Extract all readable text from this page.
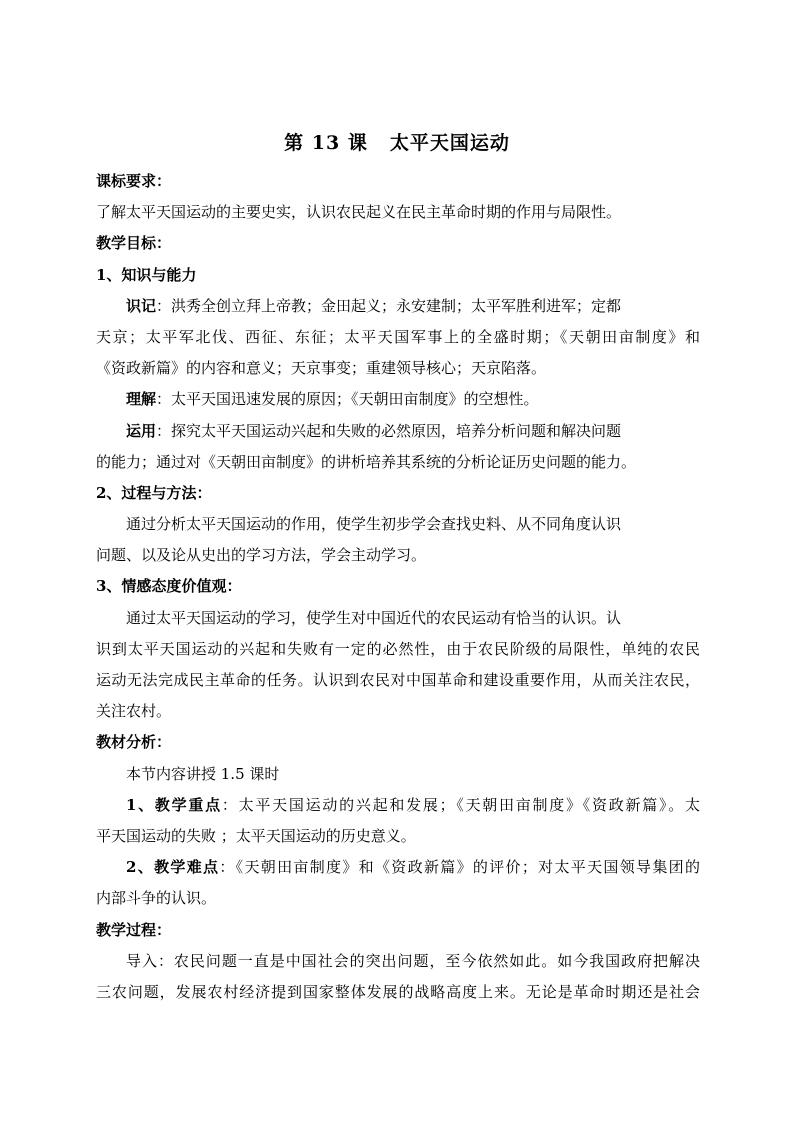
第 13 课 太平天国运动
课标要求：
了解太平天国运动的主要史实，认识农民起义在民主革命时期的作用与局限性。
教学目标：
1、知识与能力
识记：洪秀全创立拜上帝教；金田起义；永安建制；太平军胜利进军；定都
天京；太平军北伐、西征、东征；太平天国军事上的全盛时期；《天朝田亩制度》和
《资政新篇》的内容和意义；天京事变；重建领导核心；天京陷落。
理解：太平天国迅速发展的原因；《天朝田亩制度》的空想性。
运用：探究太平天国运动兴起和失败的必然原因，培养分析问题和解决问题
的能力；通过对《天朝田亩制度》的讲析培养其系统的分析论证历史问题的能力。
2、过程与方法：
通过分析太平天国运动的作用，使学生初步学会查找史料、从不同角度认识
问题、以及论从史出的学习方法，学会主动学习。
3、情感态度价值观：
通过太平天国运动的学习，使学生对中国近代的农民运动有恰当的认识。认
识到太平天国运动的兴起和失败有一定的必然性，由于农民阶级的局限性，单纯的农民
运动无法完成民主革命的任务。认识到农民对中国革命和建设重要作用，从而关注农民，
关注农村。
教材分析：
本节内容讲授 1.5 课时
1、教学重点：太平天国运动的兴起和发展；《天朝田亩制度》《资政新篇》。太
平天国运动的失败 ；太平天国运动的历史意义。
2、教学难点：《天朝田亩制度》和《资政新篇》的评价；对太平天国领导集团的
内部斗争的认识。
教学过程：
导入：农民问题一直是中国社会的突出问题，至今依然如此。如今我国政府把解决
三农问题，发展农村经济提到国家整体发展的战略高度上来。无论是革命时期还是社会
